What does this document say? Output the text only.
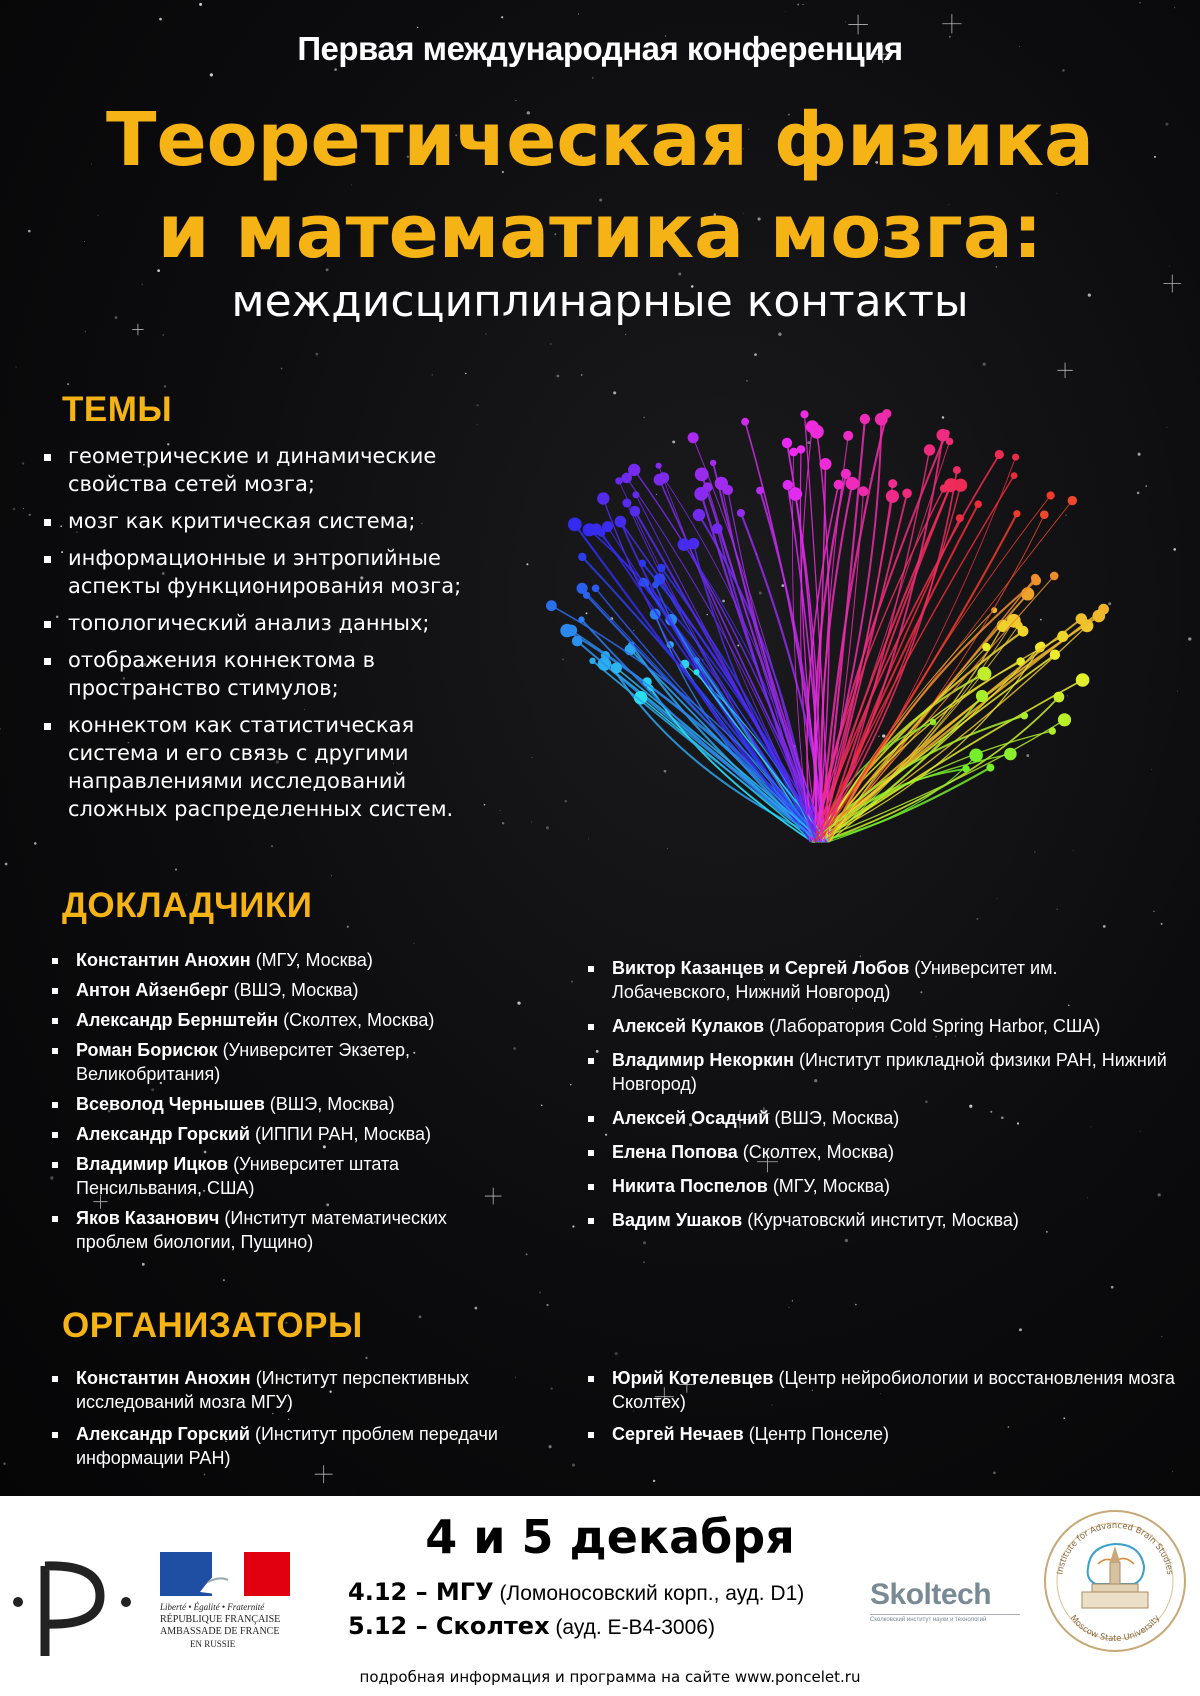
Первая международная конференция
Теоретическая физика
и математика мозга:
междисциплинарные контакты
ТЕМЫ
геометрические и динамические свойства сетей мозга;
мозг как критическая система;
информационные и энтропийные аспекты функционирования мозга;
топологический анализ данных;
отображения коннектома в пространство стимулов;
коннектом как статистическая система и его связь с другими направлениями исследований сложных распределенных систем.
ДОКЛАДЧИКИ
Константин Анохин (МГУ, Москва)
Антон Айзенберг (ВШЭ, Москва)
Александр Бернштейн (Сколтех, Москва)
Роман Борисюк (Университет Экзетер, Великобритания)
Всеволод Чернышев (ВШЭ, Москва)
Александр Горский (ИППИ РАН, Москва)
Владимир Ицков (Университет штата Пенсильвания, США)
Яков Казанович (Институт математических проблем биологии, Пущино)
Виктор Казанцев и Сергей Лобов (Университет им. Лобачевского, Нижний Новгород)
Алексей Кулаков (Лаборатория Cold Spring Harbor, США)
Владимир Некоркин (Институт прикладной физики РАН, Нижний Новгород)
Алексей Осадчий (ВШЭ, Москва)
Елена Попова (Сколтех, Москва)
Никита Поспелов (МГУ, Москва)
Вадим Ушаков (Курчатовский институт, Москва)
ОРГАНИЗАТОРЫ
Константин Анохин (Институт перспективных исследований мозга МГУ)
Александр Горский (Институт проблем передачи информации РАН)
Юрий Котелевцев (Центр нейробиологии и восстановления мозга Сколтех)
Сергей Нечаев (Центр Понселе)
Liberté • Égalité • Fraternité
RÉPUBLIQUE FRANÇAISE
AMBASSADE DE FRANCE
EN RUSSIE
4 и 5 декабря
4.12 – МГУ (Ломоносовский корп., ауд. D1)
5.12 – Сколтех (ауд. E-B4-3006)
подробная информация и программа на сайте www.poncelet.ru
Skoltech
Сколковский институт науки и технологий
Institute for Advanced Brain Studies
Moscow State University
